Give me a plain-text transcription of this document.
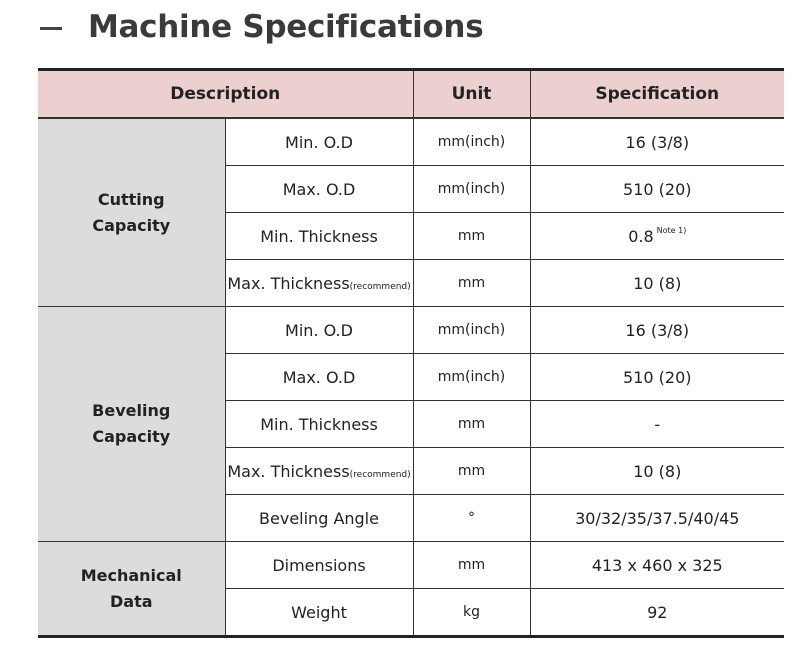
Machine Specifications
Description		Unit	Specification

Cutting
Capacity	Min. O.D	mm(inch)	16 (3/8)
	Max. O.D	mm(inch)	510 (20)
	Min. Thickness	mm	0.8 $^{Note 1)}$
	Max. Thickness(recommend)	mm	10 (8)

Beveling
Capacity	Min. O.D	mm(inch)	16 (3/8)
	Max. O.D	mm(inch)	510 (20)
	Min. Thickness	mm	-
	Max. Thickness(recommend)	mm	10 (8)
	Beveling Angle	°	30/32/35/37.5/40/45

Mechanical
Data	Dimensions	mm	413 x 460 x 325
	Weight	kg	92
